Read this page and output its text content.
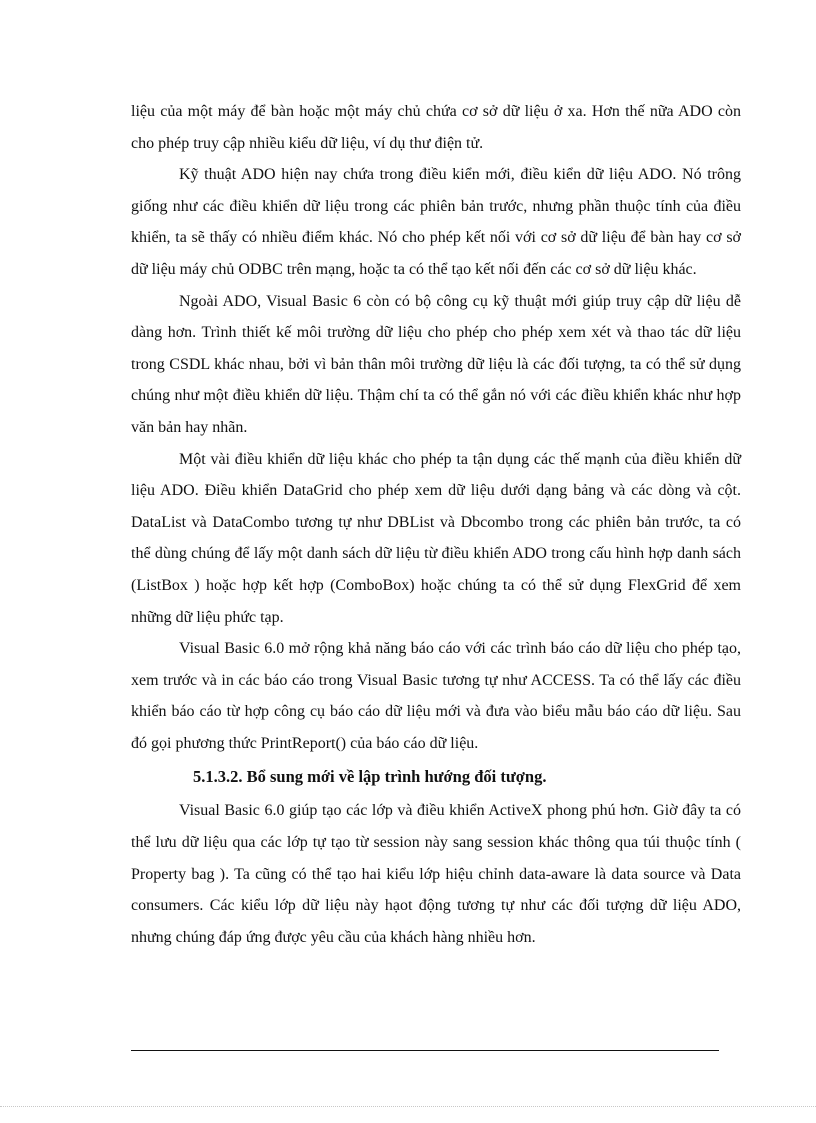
liệu của một máy để bàn hoặc một máy chủ chứa cơ sở dữ liệu ở xa. Hơn thế nữa ADO còn cho phép truy cập nhiều kiểu dữ liệu, ví dụ thư điện tử.

Kỹ thuật ADO hiện nay chứa trong điều kiển mới, điều kiển dữ liệu ADO. Nó trông giống như các điều khiển dữ liệu trong các phiên bản trước, nhưng phần thuộc tính của điều khiển, ta sẽ thấy có nhiều điểm khác. Nó cho phép kết nối với cơ sở dữ liệu để bàn hay cơ sở dữ liệu máy chủ ODBC trên mạng, hoặc ta có thể tạo kết nối đến các cơ sở dữ liệu khác.

Ngoài ADO, Visual Basic 6 còn có bộ công cụ kỹ thuật mới giúp truy cập dữ liệu dễ dàng hơn. Trình thiết kế môi trường dữ liệu cho phép cho phép xem xét và thao tác dữ liệu trong CSDL khác nhau, bởi vì bản thân môi trường dữ liệu là các đối tượng, ta có thể sử dụng chúng như một điều khiển dữ liệu. Thậm chí ta có thể gắn nó với các điều khiển khác như hợp văn bản hay nhãn.

Một vài điều khiển dữ liệu khác cho phép ta tận dụng các thế mạnh của điều khiển dữ liệu ADO. Điều khiển DataGrid cho phép xem dữ liệu dưới dạng bảng và các dòng và cột. DataList và DataCombo tương tự như DBList và Dbcombo trong các phiên bản trước, ta có thể dùng chúng để lấy một danh sách dữ liệu từ điều khiển ADO trong cấu hình hợp danh sách (ListBox ) hoặc hợp kết hợp (ComboBox) hoặc chúng ta có thể sử dụng FlexGrid để xem những dữ liệu phức tạp.

Visual Basic 6.0 mở rộng khả năng báo cáo với các trình báo cáo dữ liệu cho phép tạo, xem trước và in các báo cáo trong Visual Basic tương tự như ACCESS. Ta có thể lấy các điều khiển báo cáo từ hợp công cụ báo cáo dữ liệu mới và đưa vào biểu mẫu báo cáo dữ liệu. Sau đó gọi phương thức PrintReport() của báo cáo dữ liệu.

5.1.3.2. Bổ sung mới về lập trình hướng đối tượng.

Visual Basic 6.0 giúp tạo các lớp và điều khiển ActiveX phong phú hơn. Giờ đây ta có thể lưu dữ liệu qua các lớp tự tạo từ session này sang session khác thông qua túi thuộc tính ( Property bag ). Ta cũng có thể tạo hai kiểu lớp hiệu chỉnh data-aware là data source và Data consumers. Các kiểu lớp dữ liệu này hạot động tương tự như các đối tượng dữ liệu ADO, nhưng chúng đáp ứng được yêu cầu của khách hàng nhiều hơn.
